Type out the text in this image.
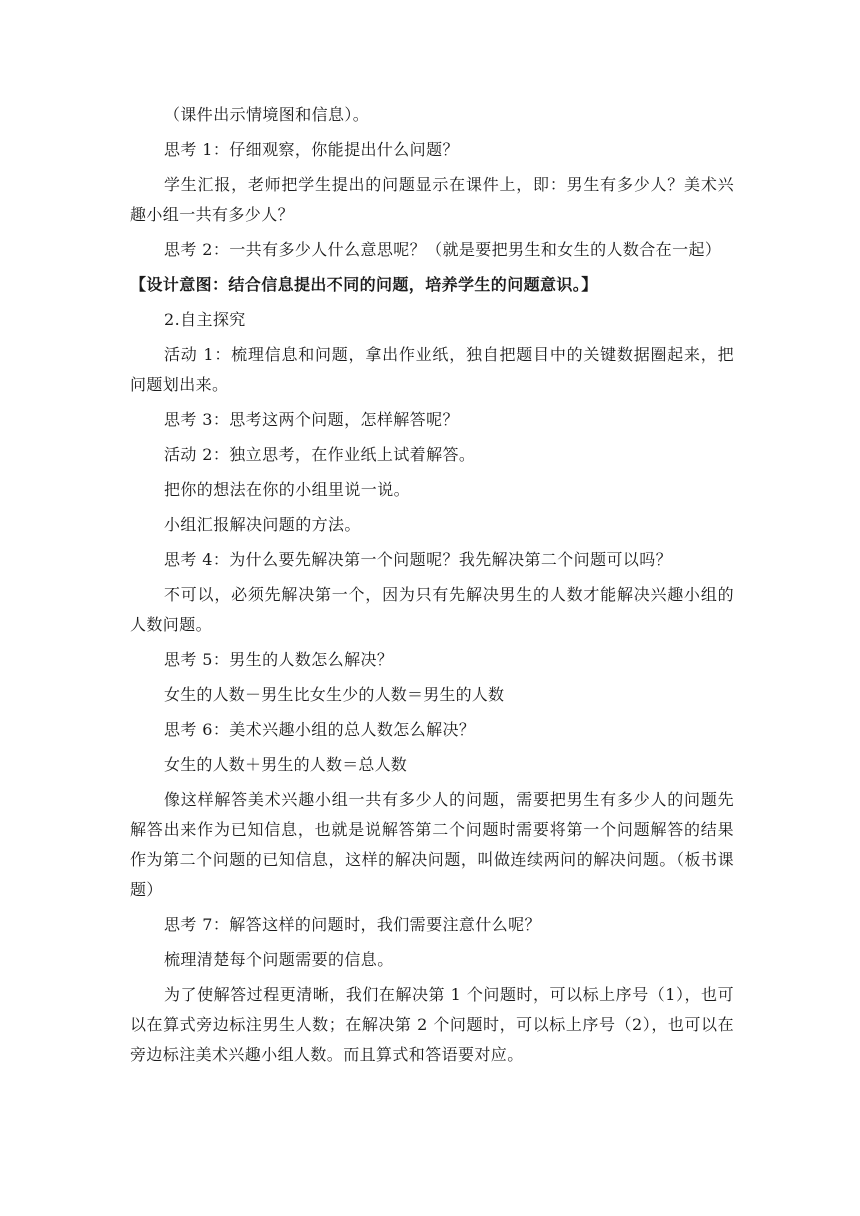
（课件出示情境图和信息）。

思考 1：仔细观察，你能提出什么问题？

学生汇报，老师把学生提出的问题显示在课件上，即：男生有多少人？美术兴趣小组一共有多少人？

思考 2：一共有多少人什么意思呢？（就是要把男生和女生的人数合在一起）

【设计意图：结合信息提出不同的问题，培养学生的问题意识。】

2.自主探究

活动 1：梳理信息和问题，拿出作业纸，独自把题目中的关键数据圈起来，把问题划出来。

思考 3：思考这两个问题，怎样解答呢？

活动 2：独立思考，在作业纸上试着解答。

把你的想法在你的小组里说一说。

小组汇报解决问题的方法。

思考 4：为什么要先解决第一个问题呢？我先解决第二个问题可以吗？

不可以，必须先解决第一个，因为只有先解决男生的人数才能解决兴趣小组的人数问题。

思考 5：男生的人数怎么解决？

女生的人数－男生比女生少的人数＝男生的人数

思考 6：美术兴趣小组的总人数怎么解决？

女生的人数＋男生的人数＝总人数

像这样解答美术兴趣小组一共有多少人的问题，需要把男生有多少人的问题先解答出来作为已知信息，也就是说解答第二个问题时需要将第一个问题解答的结果作为第二个问题的已知信息，这样的解决问题，叫做连续两问的解决问题。（板书课题）

思考 7：解答这样的问题时，我们需要注意什么呢？

梳理清楚每个问题需要的信息。

为了使解答过程更清晰，我们在解决第 1 个问题时，可以标上序号（1），也可以在算式旁边标注男生人数；在解决第 2 个问题时，可以标上序号（2），也可以在旁边标注美术兴趣小组人数。而且算式和答语要对应。
